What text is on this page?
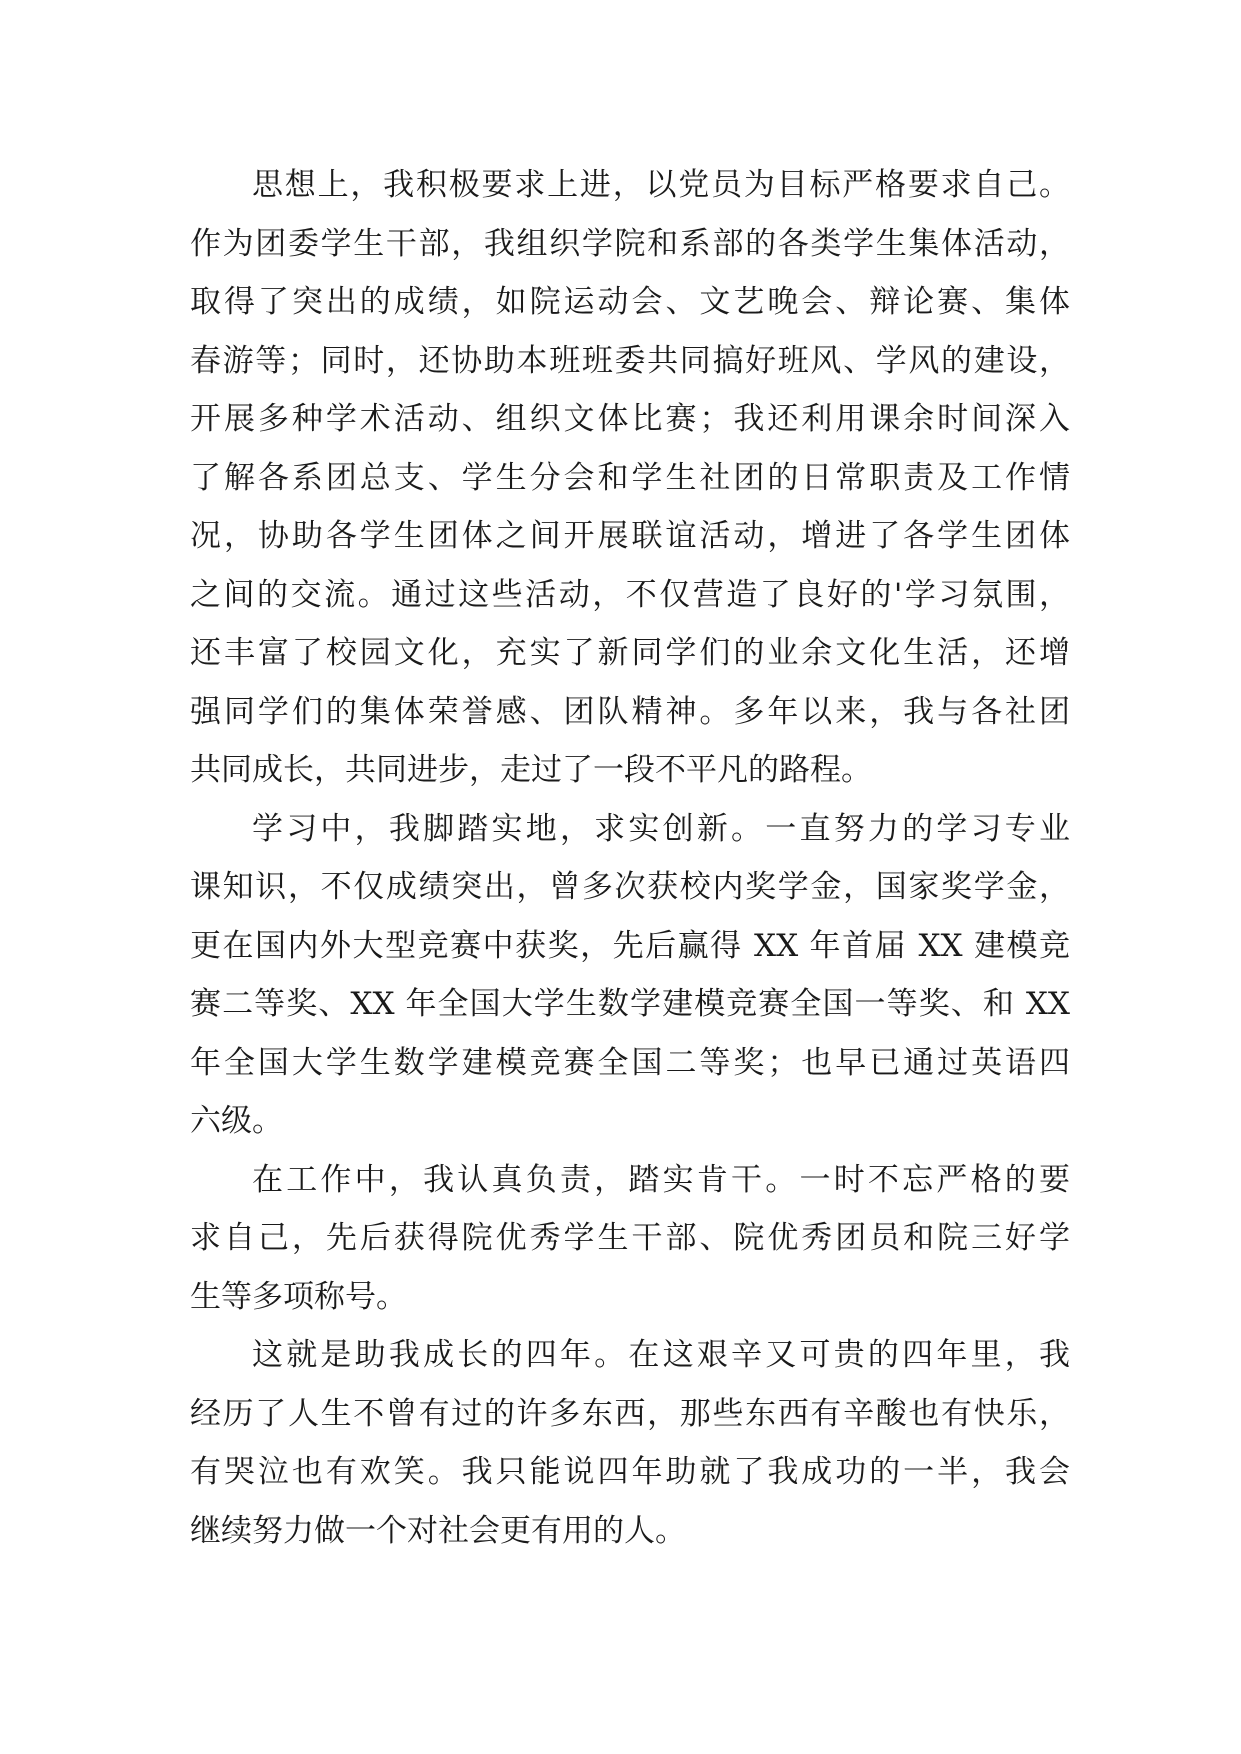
思想上，我积极要求上进，以党员为目标严格要求自己。
作为团委学生干部，我组织学院和系部的各类学生集体活动，
取得了突出的成绩，如院运动会、文艺晚会、辩论赛、集体
春游等；同时，还协助本班班委共同搞好班风、学风的建设，
开展多种学术活动、组织文体比赛；我还利用课余时间深入
了解各系团总支、学生分会和学生社团的日常职责及工作情
况，协助各学生团体之间开展联谊活动，增进了各学生团体
之间的交流。通过这些活动，不仅营造了良好的'学习氛围，
还丰富了校园文化，充实了新同学们的业余文化生活，还增
强同学们的集体荣誉感、团队精神。多年以来，我与各社团
共同成长，共同进步，走过了一段不平凡的路程。
学习中，我脚踏实地，求实创新。一直努力的学习专业
课知识，不仅成绩突出，曾多次获校内奖学金，国家奖学金，
更在国内外大型竞赛中获奖，先后赢得 XX 年首届 XX 建模竞
赛二等奖、XX 年全国大学生数学建模竞赛全国一等奖、和 XX
年全国大学生数学建模竞赛全国二等奖；也早已通过英语四
六级。
在工作中，我认真负责，踏实肯干。一时不忘严格的要
求自己，先后获得院优秀学生干部、院优秀团员和院三好学
生等多项称号。
这就是助我成长的四年。在这艰辛又可贵的四年里，我
经历了人生不曾有过的许多东西，那些东西有辛酸也有快乐，
有哭泣也有欢笑。我只能说四年助就了我成功的一半，我会
继续努力做一个对社会更有用的人。
